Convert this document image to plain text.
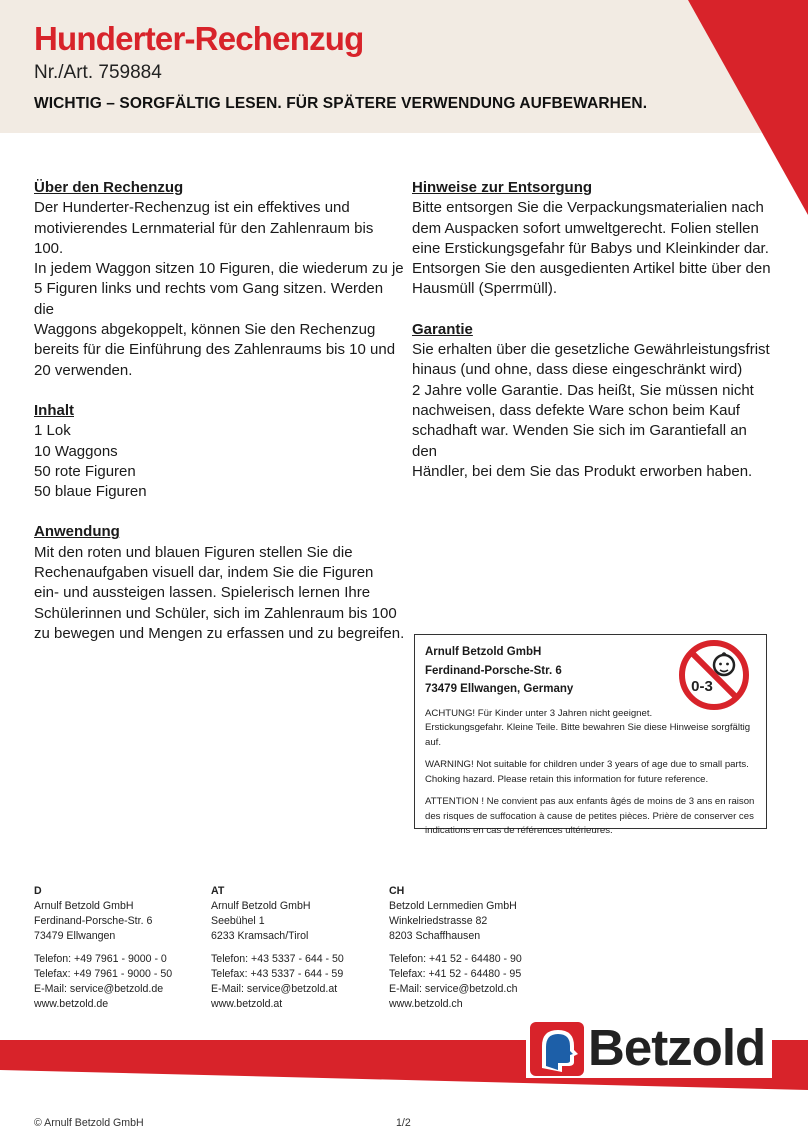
Hunderter-Rechenzug
Nr./Art. 759884
WICHTIG – SORGFÄLTIG LESEN. FÜR SPÄTERE VERWENDUNG AUFBEWARHEN.
Über den Rechenzug

Der Hunderter-Rechenzug ist ein effektives und
motivierendes Lernmaterial für den Zahlenraum bis 100.
In jedem Waggon sitzen 10 Figuren, die wiederum zu je
5 Figuren links und rechts vom Gang sitzen. Werden die
Waggons abgekoppelt, können Sie den Rechenzug
bereits für die Einführung des Zahlenraums bis 10 und
20 verwenden.

Inhalt

1 Lok
10 Waggons
50 rote Figuren
50 blaue Figuren

Anwendung

Mit den roten und blauen Figuren stellen Sie die
Rechenaufgaben visuell dar, indem Sie die Figuren
ein- und aussteigen lassen. Spielerisch lernen Ihre
Schülerinnen und Schüler, sich im Zahlenraum bis 100
zu bewegen und Mengen zu erfassen und zu begreifen.

Hinweise zur Entsorgung

Bitte entsorgen Sie die Verpackungsmaterialien nach
dem Auspacken sofort umweltgerecht. Folien stellen
eine Erstickungsgefahr für Babys und Kleinkinder dar.
Entsorgen Sie den ausgedienten Artikel bitte über den
Hausmüll (Sperrmüll).

Garantie

Sie erhalten über die gesetzliche Gewährleistungsfrist
hinaus (und ohne, dass diese eingeschränkt wird)
2 Jahre volle Garantie. Das heißt, Sie müssen nicht
nachweisen, dass defekte Ware schon beim Kauf
schadhaft war. Wenden Sie sich im Garantiefall an den
Händler, bei dem Sie das Produkt erworben haben.

Arnulf Betzold GmbH
Ferdinand-Porsche-Str. 6
73479 Ellwangen, Germany	0-3
ACHTUNG! Für Kinder unter 3 Jahren nicht geeignet.
Erstickungsgefahr. Kleine Teile. Bitte bewahren Sie diese Hinweise sorgfältig auf.
WARNING! Not suitable for children under 3 years of age due to small parts.
Choking hazard. Please retain this information for future reference.
ATTENTION ! Ne convient pas aux enfants âgés de moins de 3 ans en raison
des risques de suffocation à cause de petites pièces. Prière de conserver ces
indications en cas de références ultérieures.
D
Arnulf Betzold GmbH
Ferdinand-Porsche-Str. 6
73479 Ellwangen
Telefon: +49 7961 - 9000 - 0
Telefax: +49 7961 - 9000 - 50
E-Mail: service@betzold.de
www.betzold.de
AT
Arnulf Betzold GmbH
Seebühel 1
6233 Kramsach/Tirol
Telefon: +43 5337 - 644 - 50
Telefax: +43 5337 - 644 - 59
E-Mail: service@betzold.at
www.betzold.at
CH
Betzold Lernmedien GmbH
Winkelriedstrasse 82
8203 Schaffhausen
Telefon: +41 52 - 64480 - 90
Telefax: +41 52 - 64480 - 95
E-Mail: service@betzold.ch
www.betzold.ch
Betzold
© Arnulf Betzold GmbH	1/2
